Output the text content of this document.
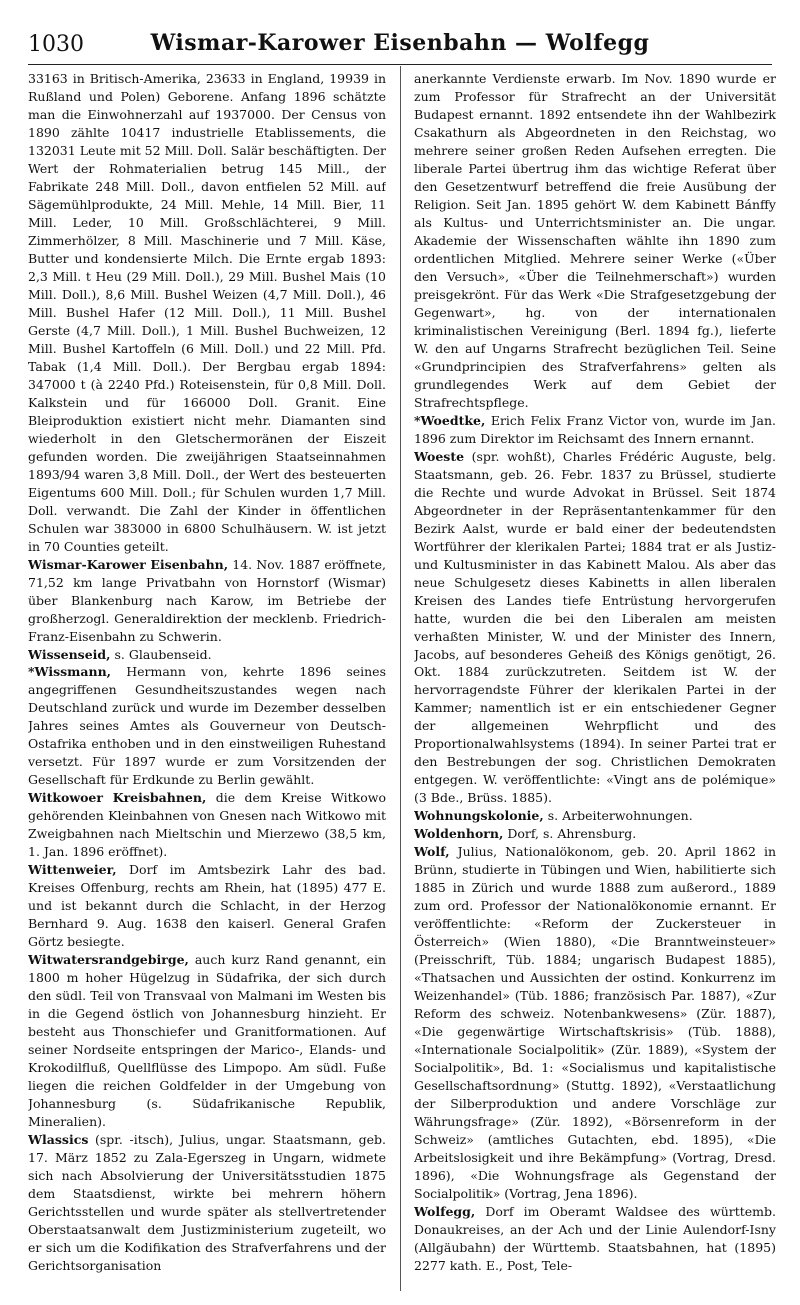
1030	Wismar-Karower Eisenbahn — Wolfegg

33163 in Britisch-Amerika, 23633 in England, 19939 in Rußland und Polen) Geborene. Anfang 1896 schätzte man die Einwohnerzahl auf 1937000. Der Census von 1890 zählte 10417 industrielle Etablissements, die 132031 Leute mit 52 Mill. Doll. Salär beschäftigten. Der Wert der Rohmaterialien betrug 145 Mill., der Fabrikate 248 Mill. Doll., davon entfielen 52 Mill. auf Sägemühlprodukte, 24 Mill. Mehle, 14 Mill. Bier, 11 Mill. Leder, 10 Mill. Großschlächterei, 9 Mill. Zimmerhölzer, 8 Mill. Maschinerie und 7 Mill. Käse, Butter und kondensierte Milch. Die Ernte ergab 1893: 2,3 Mill. t Heu (29 Mill. Doll.), 29 Mill. Bushel Mais (10 Mill. Doll.), 8,6 Mill. Bushel Weizen (4,7 Mill. Doll.), 46 Mill. Bushel Hafer (12 Mill. Doll.), 11 Mill. Bushel Gerste (4,7 Mill. Doll.), 1 Mill. Bushel Buchweizen, 12 Mill. Bushel Kartoffeln (6 Mill. Doll.) und 22 Mill. Pfd. Tabak (1,4 Mill. Doll.). Der Bergbau ergab 1894: 347000 t (à 2240 Pfd.) Roteisenstein, für 0,8 Mill. Doll. Kalkstein und für 166000 Doll. Granit. Eine Bleiproduktion existiert nicht mehr. Diamanten sind wiederholt in den Gletschermoränen der Eiszeit gefunden worden. Die zweijährigen Staatseinnahmen 1893/94 waren 3,8 Mill. Doll., der Wert des besteuerten Eigentums 600 Mill. Doll.; für Schulen wurden 1,7 Mill. Doll. verwandt. Die Zahl der Kinder in öffentlichen Schulen war 383000 in 6800 Schulhäusern. W. ist jetzt in 70 Counties geteilt.

Wismar-Karower Eisenbahn, 14. Nov. 1887 eröffnete, 71,52 km lange Privatbahn von Hornstorf (Wismar) über Blankenburg nach Karow, im Betriebe der großherzogl. Generaldirektion der mecklenb. Friedrich-Franz-Eisenbahn zu Schwerin.

Wissenseid, s. Glaubenseid.

*Wissmann, Hermann von, kehrte 1896 seines angegriffenen Gesundheitszustandes wegen nach Deutschland zurück und wurde im Dezember desselben Jahres seines Amtes als Gouverneur von Deutsch-Ostafrika enthoben und in den einstweiligen Ruhestand versetzt. Für 1897 wurde er zum Vorsitzenden der Gesellschaft für Erdkunde zu Berlin gewählt.

Witkowoer Kreisbahnen, die dem Kreise Witkowo gehörenden Kleinbahnen von Gnesen nach Witkowo mit Zweigbahnen nach Mieltschin und Mierzewo (38,5 km, 1. Jan. 1896 eröffnet).

Wittenweier, Dorf im Amtsbezirk Lahr des bad. Kreises Offenburg, rechts am Rhein, hat (1895) 477 E. und ist bekannt durch die Schlacht, in der Herzog Bernhard 9. Aug. 1638 den kaiserl. General Grafen Görtz besiegte.

Witwatersrandgebirge, auch kurz Rand genannt, ein 1800 m hoher Hügelzug in Südafrika, der sich durch den südl. Teil von Transvaal von Malmani im Westen bis in die Gegend östlich von Johannesburg hinzieht. Er besteht aus Thonschiefer und Granitformationen. Auf seiner Nordseite entspringen der Marico-, Elands- und Krokodilfluß, Quellflüsse des Limpopo. Am südl. Fuße liegen die reichen Goldfelder in der Umgebung von Johannesburg (s. Südafrikanische Republik, Mineralien).

Wlassics (spr. -itsch), Julius, ungar. Staatsmann, geb. 17. März 1852 zu Zala-Egerszeg in Ungarn, widmete sich nach Absolvierung der Universitätsstudien 1875 dem Staatsdienst, wirkte bei mehrern höhern Gerichtsstellen und wurde später als stellvertretender Oberstaatsanwalt dem Justizministerium zugeteilt, wo er sich um die Kodifikation des Strafverfahrens und der Gerichtsorganisation

anerkannte Verdienste erwarb. Im Nov. 1890 wurde er zum Professor für Strafrecht an der Universität Budapest ernannt. 1892 entsendete ihn der Wahlbezirk Csakathurn als Abgeordneten in den Reichstag, wo mehrere seiner großen Reden Aufsehen erregten. Die liberale Partei übertrug ihm das wichtige Referat über den Gesetzentwurf betreffend die freie Ausübung der Religion. Seit Jan. 1895 gehört W. dem Kabinett Bánffy als Kultus- und Unterrichtsminister an. Die ungar. Akademie der Wissenschaften wählte ihn 1890 zum ordentlichen Mitglied. Mehrere seiner Werke («Über den Versuch», «Über die Teilnehmerschaft») wurden preisgekrönt. Für das Werk «Die Strafgesetzgebung der Gegenwart», hg. von der internationalen kriminalistischen Vereinigung (Berl. 1894 fg.), lieferte W. den auf Ungarns Strafrecht bezüglichen Teil. Seine «Grundprincipien des Strafverfahrens» gelten als grundlegendes Werk auf dem Gebiet der Strafrechtspflege.

*Woedtke, Erich Felix Franz Victor von, wurde im Jan. 1896 zum Direktor im Reichsamt des Innern ernannt.

Woeste (spr. wohßt), Charles Frédéric Auguste, belg. Staatsmann, geb. 26. Febr. 1837 zu Brüssel, studierte die Rechte und wurde Advokat in Brüssel. Seit 1874 Abgeordneter in der Repräsentantenkammer für den Bezirk Aalst, wurde er bald einer der bedeutendsten Wortführer der klerikalen Partei; 1884 trat er als Justiz- und Kultusminister in das Kabinett Malou. Als aber das neue Schulgesetz dieses Kabinetts in allen liberalen Kreisen des Landes tiefe Entrüstung hervorgerufen hatte, wurden die bei den Liberalen am meisten verhaßten Minister, W. und der Minister des Innern, Jacobs, auf besonderes Geheiß des Königs genötigt, 26. Okt. 1884 zurückzutreten. Seitdem ist W. der hervorragendste Führer der klerikalen Partei in der Kammer; namentlich ist er ein entschiedener Gegner der allgemeinen Wehrpflicht und des Proportionalwahlsystems (1894). In seiner Partei trat er den Bestrebungen der sog. Christlichen Demokraten entgegen. W. veröffentlichte: «Vingt ans de polémique» (3 Bde., Brüss. 1885).

Wohnungskolonie, s. Arbeiterwohnungen.

Woldenhorn, Dorf, s. Ahrensburg.

Wolf, Julius, Nationalökonom, geb. 20. April 1862 in Brünn, studierte in Tübingen und Wien, habilitierte sich 1885 in Zürich und wurde 1888 zum außerord., 1889 zum ord. Professor der Nationalökonomie ernannt. Er veröffentlichte: «Reform der Zuckersteuer in Österreich» (Wien 1880), «Die Branntweinsteuer» (Preisschrift, Tüb. 1884; ungarisch Budapest 1885), «Thatsachen und Aussichten der ostind. Konkurrenz im Weizenhandel» (Tüb. 1886; französisch Par. 1887), «Zur Reform des schweiz. Notenbankwesens» (Zür. 1887), «Die gegenwärtige Wirtschaftskrisis» (Tüb. 1888), «Internationale Socialpolitik» (Zür. 1889), «System der Socialpolitik», Bd. 1: «Socialismus und kapitalistische Gesellschaftsordnung» (Stuttg. 1892), «Verstaatlichung der Silberproduktion und andere Vorschläge zur Währungsfrage» (Zür. 1892), «Börsenreform in der Schweiz» (amtliches Gutachten, ebd. 1895), «Die Arbeitslosigkeit und ihre Bekämpfung» (Vortrag, Dresd. 1896), «Die Wohnungsfrage als Gegenstand der Socialpolitik» (Vortrag, Jena 1896).

Wolfegg, Dorf im Oberamt Waldsee des württemb. Donaukreises, an der Ach und der Linie Aulendorf-Isny (Allgäubahn) der Württemb. Staatsbahnen, hat (1895) 2277 kath. E., Post, Tele-
